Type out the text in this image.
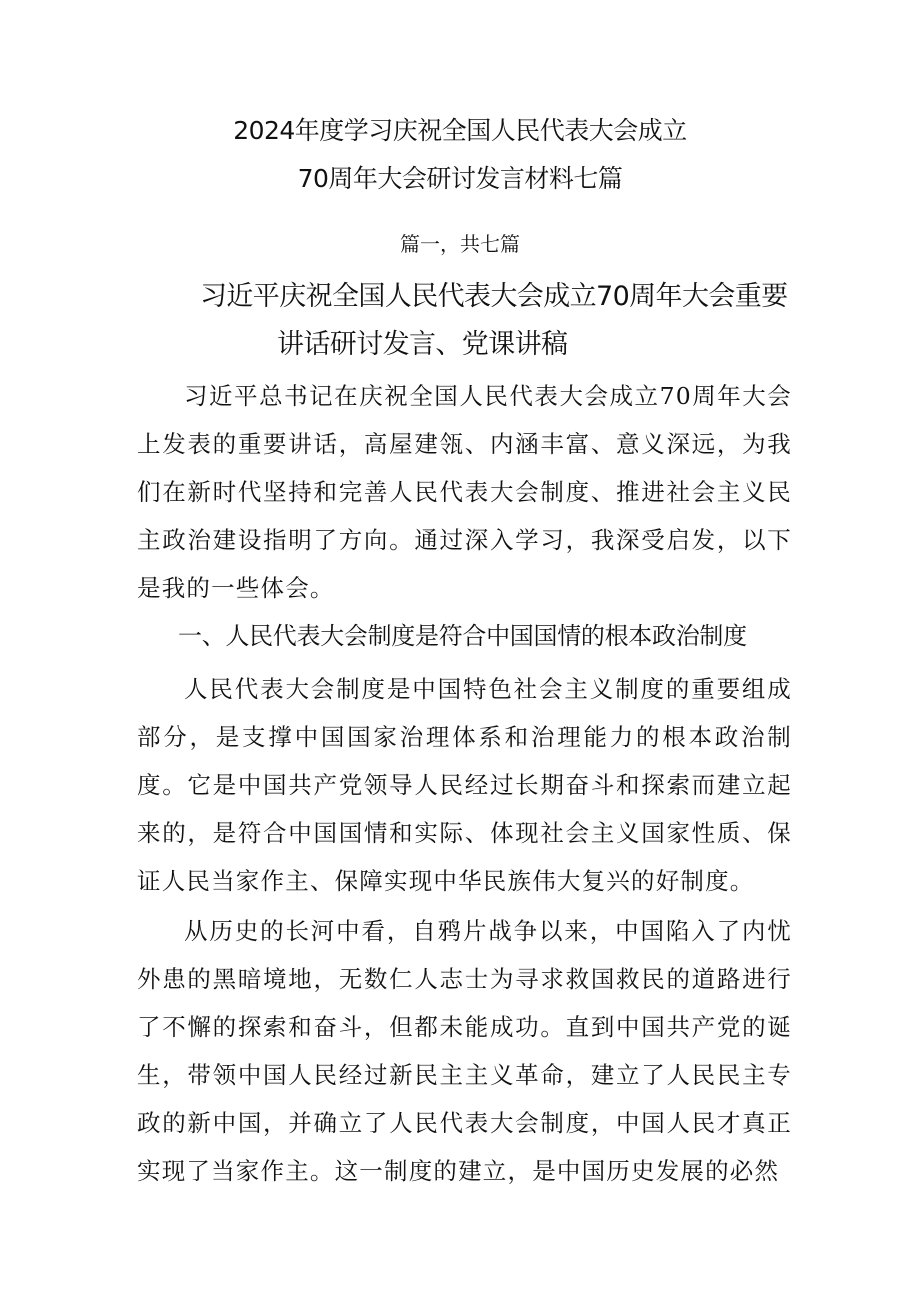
2024年度学习庆祝全国人民代表大会成立
70周年大会研讨发言材料七篇
篇一，共七篇
习近平庆祝全国人民代表大会成立70周年大会重要
讲话研讨发言、党课讲稿

习近平总书记在庆祝全国人民代表大会成立70周年大会上发表的重要讲话，高屋建瓴、内涵丰富、意义深远，为我们在新时代坚持和完善人民代表大会制度、推进社会主义民主政治建设指明了方向。通过深入学习，我深受启发，以下是我的一些体会。

一、人民代表大会制度是符合中国国情的根本政治制度

人民代表大会制度是中国特色社会主义制度的重要组成部分，是支撑中国国家治理体系和治理能力的根本政治制度。它是中国共产党领导人民经过长期奋斗和探索而建立起来的，是符合中国国情和实际、体现社会主义国家性质、保证人民当家作主、保障实现中华民族伟大复兴的好制度。

从历史的长河中看，自鸦片战争以来，中国陷入了内忧外患的黑暗境地，无数仁人志士为寻求救国救民的道路进行了不懈的探索和奋斗，但都未能成功。直到中国共产党的诞生，带领中国人民经过新民主主义革命，建立了人民民主专政的新中国，并确立了人民代表大会制度，中国人民才真正实现了当家作主。这一制度的建立，是中国历史发展的必然
